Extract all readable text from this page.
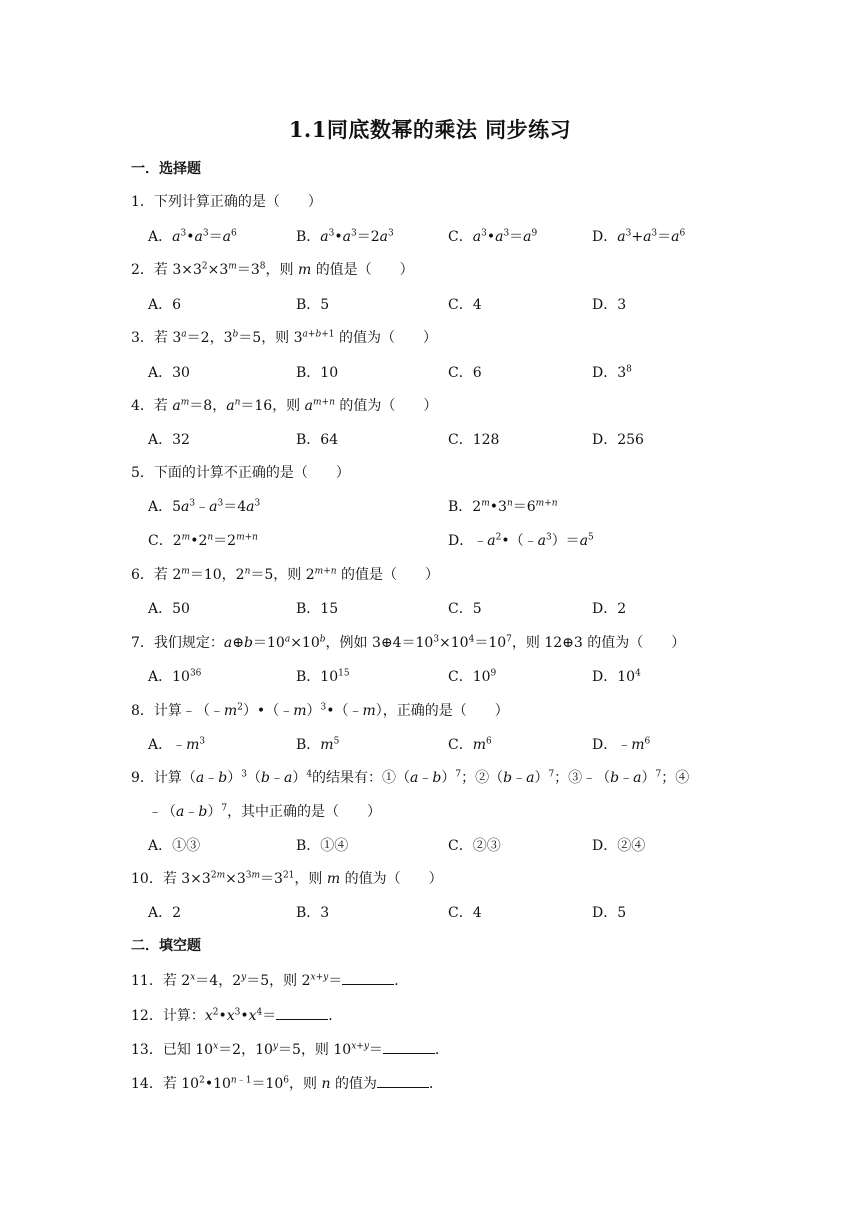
1.1同底数幂的乘法 同步练习
一．选择题
1．下列计算正确的是（　　）
A．$a^3•a^3=a^6$	B．$a^3•a^3=2a^3$	C．$a^3•a^3=a^9$	D．$a^3+a^3=a^6$
2．若 $3\times 3^2\times 3^m=3^8$，则 m 的值是（　　）
A．6	B．5	C．4	D．3
3．若 $3^a=2$，$3^b=5$，则 $3^{a+b+1}$ 的值为（　　）
A．30	B．10	C．6	D．$3^8$
4．若 $a^m=8$，$a^n=16$，则 $a^{m+n}$ 的值为（　　）
A．32	B．64	C．128	D．256
5．下面的计算不正确的是（　　）
A．$5a^3﹣a^3=4a^3$	B．$2^m•3^n=6^{m+n}$
C．$2^m•2^n=2^{m+n}$	D．$﹣a^2•(﹣a^3)=a^5$
6．若 $2^m=10$，$2^n=5$，则 $2^{m+n}$ 的值是（　　）
A．50	B．15	C．5	D．2
7．我们规定：$a\oplus b=10^a\times 10^b$，例如 $3\oplus 4=10^3\times 10^4=10^7$，则 12⊕3 的值为（　　）
A．$10^{36}$	B．$10^{15}$	C．$10^9$	D．$10^4$
8．计算$﹣(﹣m^2)•(﹣m)^3•(﹣m)$，正确的是（　　）
A．$﹣m^3$	B．$m^5$	C．$m^6$	D．$﹣m^6$
9．计算（a﹣b）$^3$（b﹣a）$^4$的结果有：①（a﹣b）$^7$；②（b﹣a）$^7$；③﹣（b﹣a）$^7$；④
﹣（a﹣b）$^7$，其中正确的是（　　）
A．①③	B．①④	C．②③	D．②④
10．若 $3\times 3^{2m}\times 3^{3m}=3^{21}$，则 m 的值为（　　）
A．2	B．3	C．4	D．5
二．填空题
11．若 $2^x=4$，$2^y=5$，则 $2^{x+y}=$	．
12．计算：$x^2•x^3•x^4=$	．
13．已知 $10^x=2$，$10^y=5$，则 $10^{x+y}=$	．
14．若 $10^2•10^{n﹣1}=10^6$，则 n 的值为	．
